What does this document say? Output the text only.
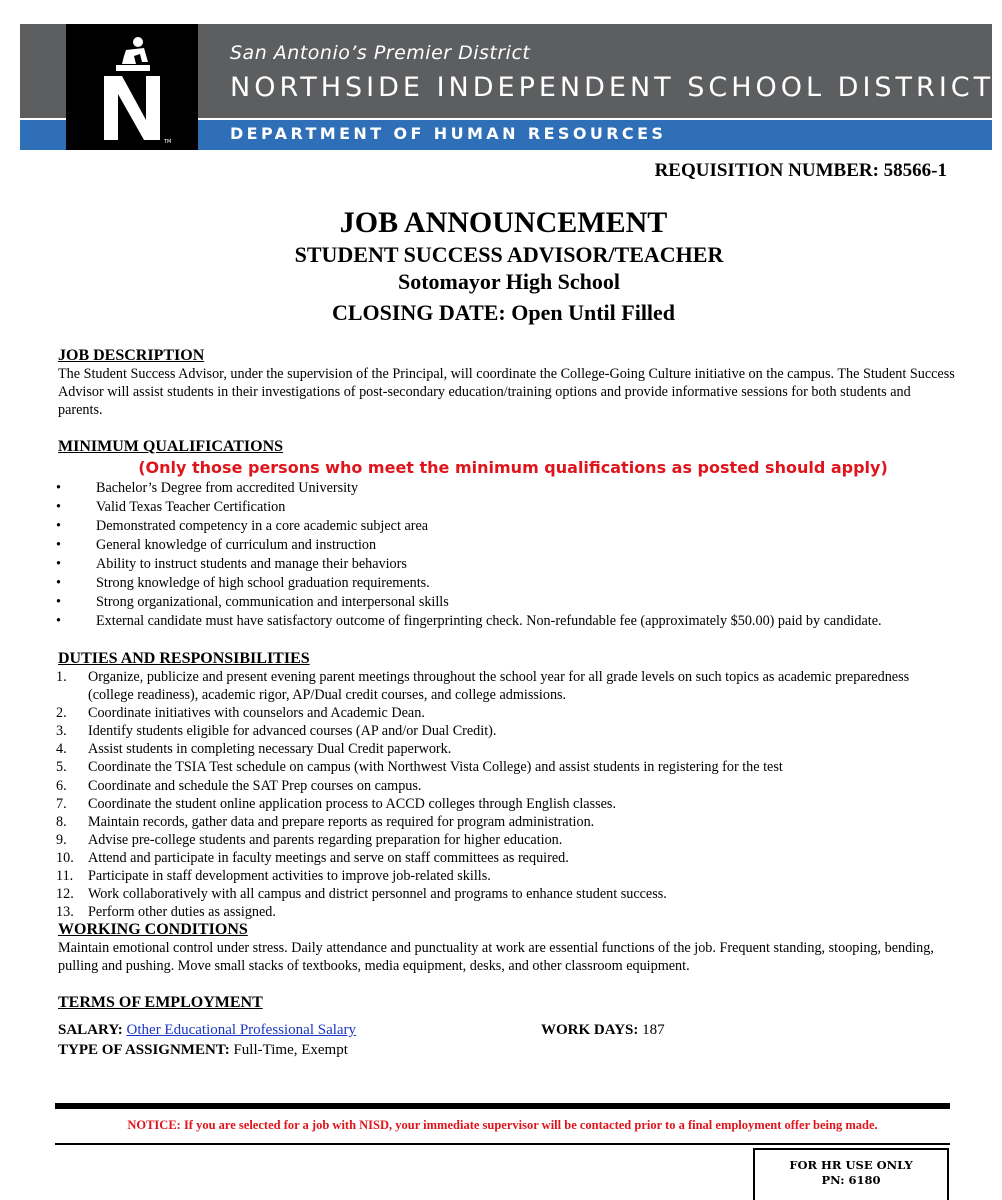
TM
San Antonio’s Premier District
NORTHSIDE INDEPENDENT SCHOOL DISTRICT
DEPARTMENT OF HUMAN RESOURCES
REQUISITION NUMBER: 58566-1
JOB ANNOUNCEMENT
STUDENT SUCCESS ADVISOR/TEACHER
Sotomayor High School
CLOSING DATE: Open Until Filled
JOB DESCRIPTION
The Student Success Advisor, under the supervision of the Principal, will coordinate the College-Going Culture initiative on the campus. The Student Success Advisor will assist students in their investigations of post-secondary education/training options and provide informative sessions for both students and parents.
MINIMUM QUALIFICATIONS
(Only those persons who meet the minimum qualifications as posted should apply)
• Bachelor’s Degree from accredited University
• Valid Texas Teacher Certification
• Demonstrated competency in a core academic subject area
• General knowledge of curriculum and instruction
• Ability to instruct students and manage their behaviors
• Strong knowledge of high school graduation requirements.
• Strong organizational, communication and interpersonal skills
• External candidate must have satisfactory outcome of fingerprinting check. Non-refundable fee (approximately $50.00) paid by candidate.
DUTIES AND RESPONSIBILITIES
1. Organize, publicize and present evening parent meetings throughout the school year for all grade levels on such topics as academic preparedness (college readiness), academic rigor, AP/Dual credit courses, and college admissions.
2. Coordinate initiatives with counselors and Academic Dean.
3. Identify students eligible for advanced courses (AP and/or Dual Credit).
4. Assist students in completing necessary Dual Credit paperwork.
5. Coordinate the TSIA Test schedule on campus (with Northwest Vista College) and assist students in registering for the test
6. Coordinate and schedule the SAT Prep courses on campus.
7. Coordinate the student online application process to ACCD colleges through English classes.
8. Maintain records, gather data and prepare reports as required for program administration.
9. Advise pre-college students and parents regarding preparation for higher education.
10. Attend and participate in faculty meetings and serve on staff committees as required.
11. Participate in staff development activities to improve job-related skills.
12. Work collaboratively with all campus and district personnel and programs to enhance student success.
13. Perform other duties as assigned.
WORKING CONDITIONS
Maintain emotional control under stress. Daily attendance and punctuality at work are essential functions of the job. Frequent standing, stooping, bending, pulling and pushing. Move small stacks of textbooks, media equipment, desks, and other classroom equipment.
TERMS OF EMPLOYMENT
SALARY: Other Educational Professional Salary	WORK DAYS: 187
TYPE OF ASSIGNMENT:
Full-Time, Exempt
NOTICE: If you are selected for a job with NISD, your immediate supervisor will be contacted prior to a final employment offer being made.
FOR HR USE ONLY
PN: 6180
